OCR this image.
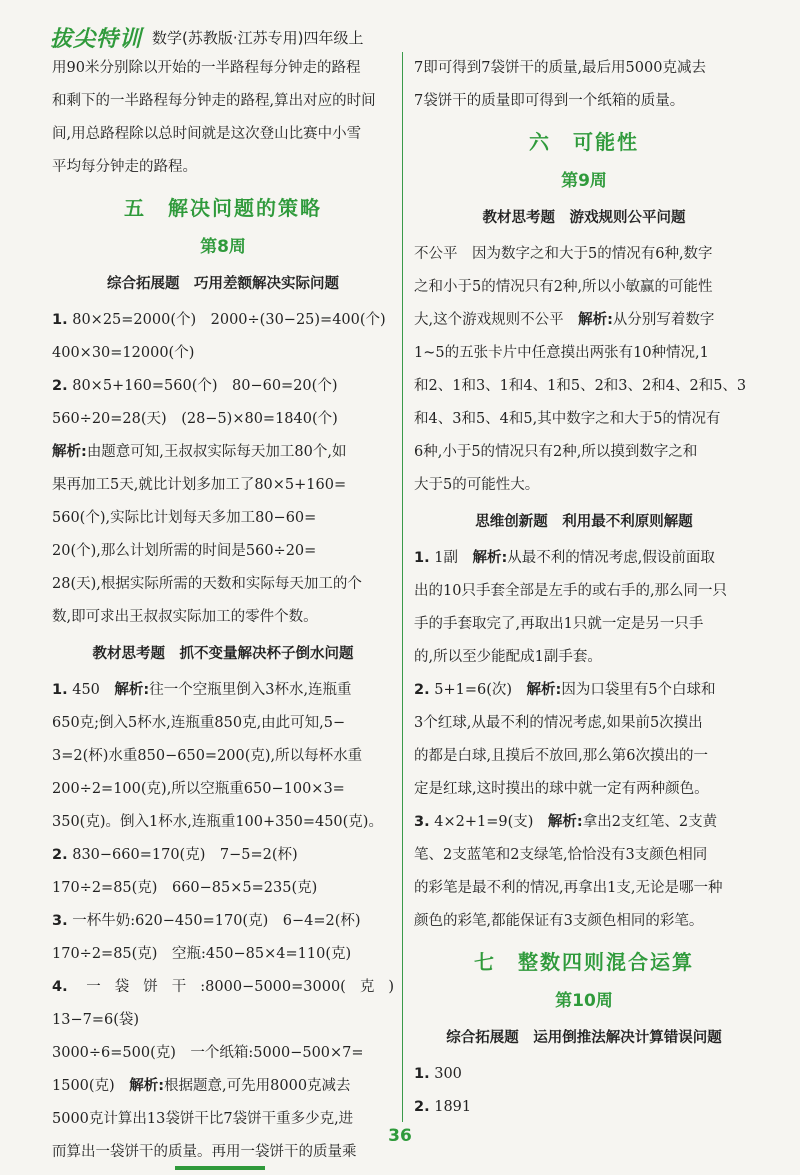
拔尖特训 数学(苏教版·江苏专用)四年级上

用90米分别除以开始的一半路程每分钟走的路程

和剩下的一半路程每分钟走的路程,算出对应的时间

间,用总路程除以总时间就是这次登山比赛中小雪

平均每分钟走的路程。

五　解决问题的策略
第8周
综合拓展题　巧用差额解决实际问题

1. 80×25=2000(个)　2000÷(30−25)=400(个)

400×30=12000(个)

2. 80×5+160=560(个)　80−60=20(个)

560÷20=28(天)　(28−5)×80=1840(个)

解析:由题意可知,王叔叔实际每天加工80个,如

果再加工5天,就比计划多加工了80×5+160=

560(个),实际比计划每天多加工80−60=

20(个),那么计划所需的时间是560÷20=

28(天),根据实际所需的天数和实际每天加工的个

数,即可求出王叔叔实际加工的零件个数。

教材思考题　抓不变量解决杯子倒水问题

1. 450　 解析:往一个空瓶里倒入3杯水,连瓶重

650克;倒入5杯水,连瓶重850克,由此可知,5−

3=2(杯)水重850−650=200(克),所以每杯水重

200÷2=100(克),所以空瓶重650−100×3=

350(克)。倒入1杯水,连瓶重100+350=450(克)。

2. 830−660=170(克)　7−5=2(杯)

170÷2=85(克)　660−85×5=235(克)

3. 一杯牛奶:620−450=170(克)　6−4=2(杯)

170÷2=85(克)　空瓶:450−85×4=110(克)

4. 一袋饼干:8000−5000=3000(克)　13−7=6(袋)

3000÷6=500(克)　一个纸箱:5000−500×7=

1500(克)　 解析:根据题意,可先用8000克减去

5000克计算出13袋饼干比7袋饼干重多少克,进

而算出一袋饼干的质量。再用一袋饼干的质量乘

7即可得到7袋饼干的质量,最后用5000克减去

7袋饼干的质量即可得到一个纸箱的质量。

六　可能性
第9周
教材思考题　游戏规则公平问题

不公平　 因为数字之和大于5的情况有6种,数字

之和小于5的情况只有2种,所以小敏赢的可能性

大,这个游戏规则不公平　 解析:从分别写着数字

1~5的五张卡片中任意摸出两张有10种情况,1

和2、1和3、1和4、1和5、2和3、2和4、2和5、3

和4、3和5、4和5,其中数字之和大于5的情况有

6种,小于5的情况只有2种,所以摸到数字之和

大于5的可能性大。

思维创新题　利用最不利原则解题

1. 1副　 解析:从最不利的情况考虑,假设前面取

出的10只手套全部是左手的或右手的,那么同一只

手的手套取完了,再取出1只就一定是另一只手

的,所以至少能配成1副手套。

2. 5+1=6(次)　 解析:因为口袋里有5个白球和

3个红球,从最不利的情况考虑,如果前5次摸出

的都是白球,且摸后不放回,那么第6次摸出的一

定是红球,这时摸出的球中就一定有两种颜色。

3. 4×2+1=9(支)　 解析:拿出2支红笔、2支黄

笔、2支蓝笔和2支绿笔,恰恰没有3支颜色相同

的彩笔是最不利的情况,再拿出1支,无论是哪一种

颜色的彩笔,都能保证有3支颜色相同的彩笔。

七　整数四则混合运算
第10周
综合拓展题　运用倒推法解决计算错误问题

1. 300

2. 1891

36
